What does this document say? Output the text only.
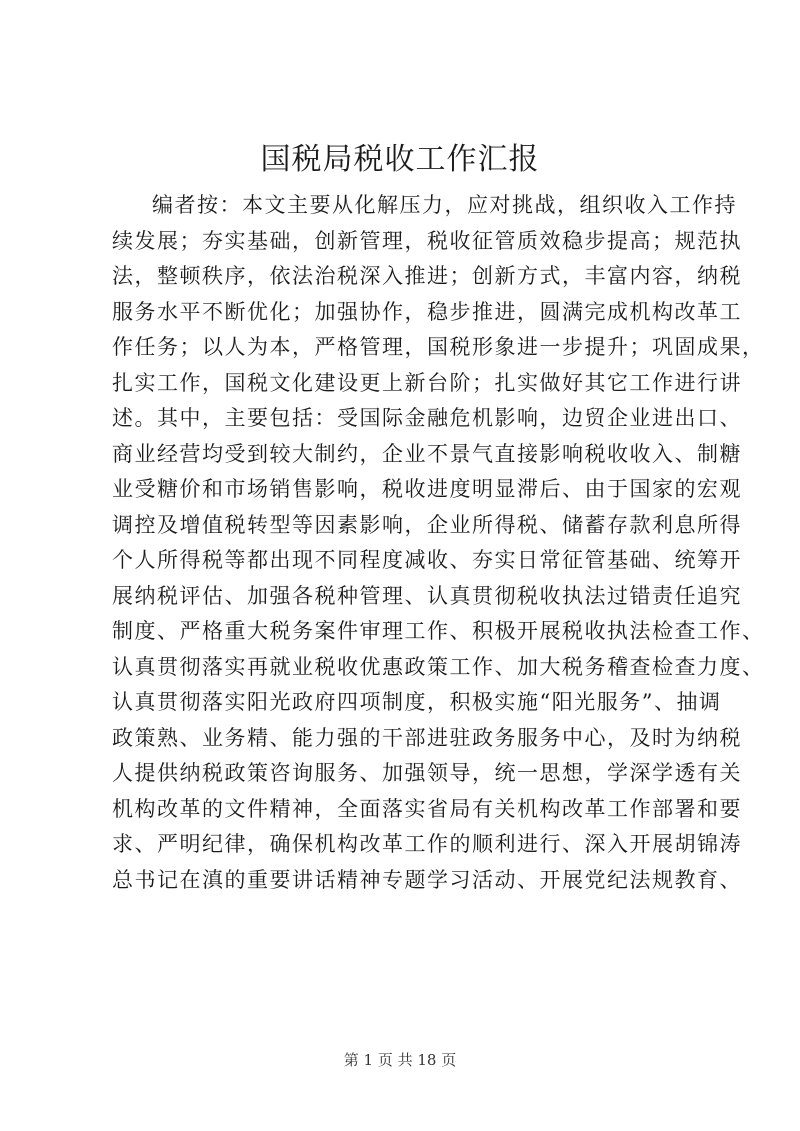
国税局税收工作汇报
编者按：本文主要从化解压力，应对挑战，组织收入工作持
续发展；夯实基础，创新管理，税收征管质效稳步提高；规范执
法，整顿秩序，依法治税深入推进；创新方式，丰富内容，纳税
服务水平不断优化；加强协作，稳步推进，圆满完成机构改革工
作任务；以人为本，严格管理，国税形象进一步提升；巩固成果，
扎实工作，国税文化建设更上新台阶；扎实做好其它工作进行讲
述。其中，主要包括：受国际金融危机影响，边贸企业进出口、
商业经营均受到较大制约，企业不景气直接影响税收收入、制糖
业受糖价和市场销售影响，税收进度明显滞后、由于国家的宏观
调控及增值税转型等因素影响，企业所得税、储蓄存款利息所得
个人所得税等都出现不同程度减收、夯实日常征管基础、统筹开
展纳税评估、加强各税种管理、认真贯彻税收执法过错责任追究
制度、严格重大税务案件审理工作、积极开展税收执法检查工作、
认真贯彻落实再就业税收优惠政策工作、加大税务稽查检查力度、
认真贯彻落实阳光政府四项制度，积极实施“阳光服务”、抽调
政策熟、业务精、能力强的干部进驻政务服务中心，及时为纳税
人提供纳税政策咨询服务、加强领导，统一思想，学深学透有关
机构改革的文件精神，全面落实省局有关机构改革工作部署和要
求、严明纪律，确保机构改革工作的顺利进行、深入开展胡锦涛
总书记在滇的重要讲话精神专题学习活动、开展党纪法规教育、
第 1 页 共 18 页
